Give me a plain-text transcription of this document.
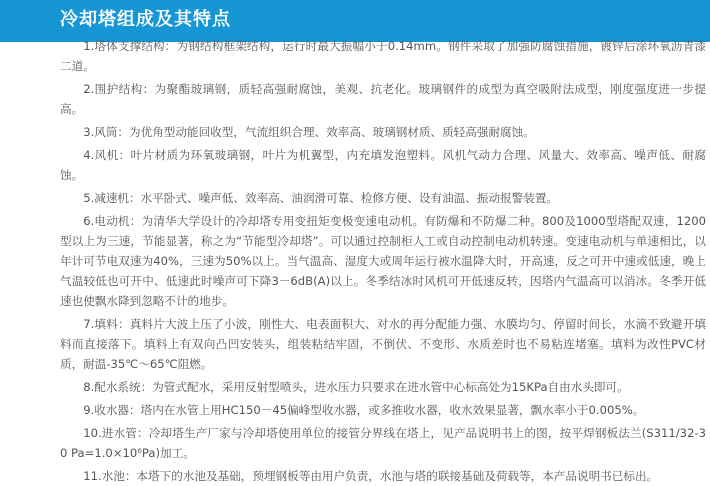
冷却塔组成及其特点

1.塔体支撑结构：为钢结构框架结构，运行时最大振幅小于0.14mm。钢件采取了加强防腐蚀措施，镀锌后涂环氧沥青漆二道。

2.围护结构：为聚酯玻璃钢，质轻高强耐腐蚀，美观、抗老化。玻璃钢件的成型为真空吸附法成型，刚度强度进一步提高。

3.风筒：为优角型动能回收型，气流组织合理、效率高、玻璃钢材质、质轻高强耐腐蚀。

4.风机：叶片材质为环氧玻璃钢，叶片为机翼型，内充填发泡塑料。风机气动力合理、风量大、效率高、噪声低、耐腐蚀。

5.减速机：水平卧式、噪声低、效率高、油润滑可靠、检修方便、设有油温、振动报警装置。

6.电动机：为清华大学设计的冷却塔专用变扭矩变极变速电动机。有防爆和不防爆二种。800及1000型塔配双速，1200型以上为三速，节能显著，称之为“节能型冷却塔”。可以通过控制柜人工或自动控制电动机转速。变速电动机与单速相比，以年计可节电双速为40%，三速为50%以上。当气温高、湿度大或周年运行被水温降大时，开高速，反之可开中速或低速，晚上气温较低也可开中、低速此时噪声可下降3－6dB(A)以上。冬季结冰时风机可开低速反转，因塔内气温高可以消冰。冬季开低速也使飘水降到忽略不计的地步。

7.填料：真料片大波上压了小波，刚性大、电表面积大、对水的再分配能力强、水膜均匀、停留时间长，水滴不致避开填料而直接落下。填料上有双向凸凹安装头，组装粘结牢固，不倒伏、不变形、水质差时也不易粘连堵塞。填料为改性PVC材质，耐温-35℃～65℃阻燃。

8.配水系统：为管式配水，采用反射型喷头，进水压力只要求在进水管中心标高处为15KPa自由水头即可。

9.收水器：塔内在水管上用HC150－45偏峰型收水器，或多推收水器，收水效果显著，飘水率小于0.005%。

10.进水管：冷却塔生产厂家与冷却塔使用单位的接管分界线在塔上，见产品说明书上的图，按平焊钢板法兰(S311/32-30 Pa=1.0×10⁶Pa)加工。

11.水池：本塔下的水池及基础，预埋钢板等由用户负责，水池与塔的联接基础及荷载等，本产品说明书已标出。
